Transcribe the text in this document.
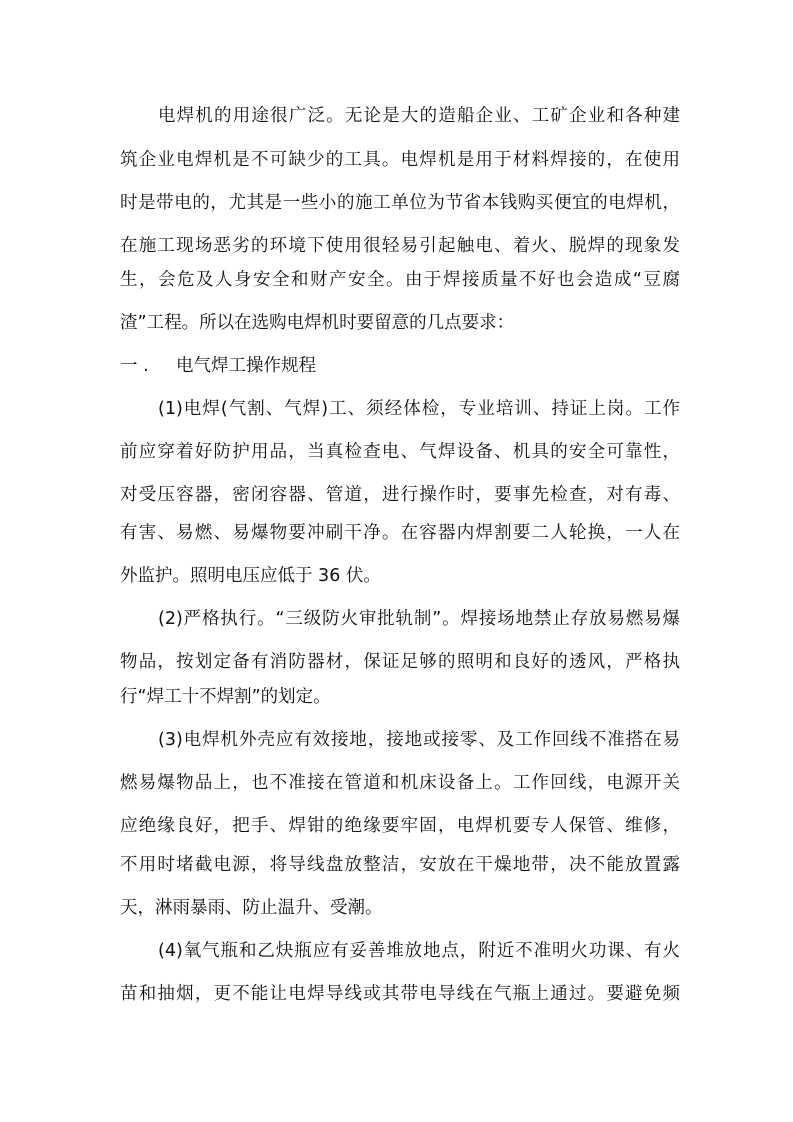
电焊机的用途很广泛。无论是大的造船企业、工矿企业和各种建
筑企业电焊机是不可缺少的工具。电焊机是用于材料焊接的，在使用
时是带电的，尤其是一些小的施工单位为节省本钱购买便宜的电焊机，
在施工现场恶劣的环境下使用很轻易引起触电、着火、脱焊的现象发
生，会危及人身安全和财产安全。由于焊接质量不好也会造成“豆腐
渣”工程。所以在选购电焊机时要留意的几点要求：
一 . 电气焊工操作规程
(1)电焊(气割、气焊)工、须经体检，专业培训、持证上岗。工作
前应穿着好防护用品，当真检查电、气焊设备、机具的安全可靠性，
对受压容器，密闭容器、管道，进行操作时，要事先检查，对有毒、
有害、易燃、易爆物要冲刷干净。在容器内焊割要二人轮换，一人在
外监护。照明电压应低于 36 伏。
(2)严格执行。“三级防火审批轨制”。焊接场地禁止存放易燃易爆
物品，按划定备有消防器材，保证足够的照明和良好的透风，严格执
行“焊工十不焊割”的划定。
(3)电焊机外壳应有效接地，接地或接零、及工作回线不准搭在易
燃易爆物品上，也不准接在管道和机床设备上。工作回线，电源开关
应绝缘良好，把手、焊钳的绝缘要牢固，电焊机要专人保管、维修，
不用时堵截电源，将导线盘放整洁，安放在干燥地带，决不能放置露
天，淋雨暴雨、防止温升、受潮。
(4)氧气瓶和乙炔瓶应有妥善堆放地点，附近不准明火功课、有火
苗和抽烟，更不能让电焊导线或其带电导线在气瓶上通过。要避免频
